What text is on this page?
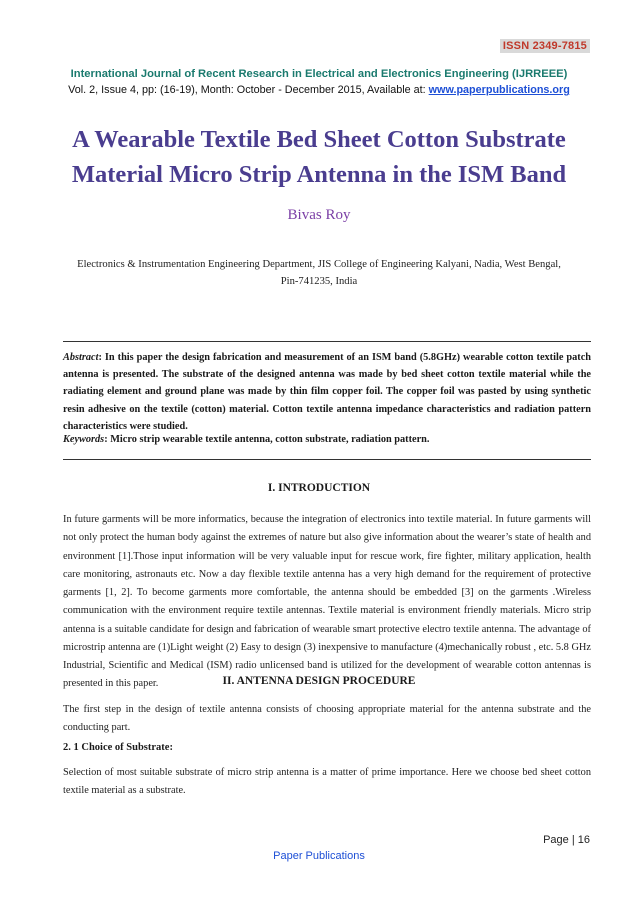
ISSN 2349-7815
International Journal of Recent Research in Electrical and Electronics Engineering (IJRREEE)
Vol. 2, Issue 4, pp: (16-19), Month: October - December 2015, Available at: www.paperpublications.org
A Wearable Textile Bed Sheet Cotton Substrate Material Micro Strip Antenna in the ISM Band
Bivas Roy
Electronics & Instrumentation Engineering Department, JIS College of Engineering Kalyani, Nadia, West Bengal,
Pin-741235, India
Abstract: In this paper the design fabrication and measurement of an ISM band (5.8GHz) wearable cotton textile patch antenna is presented. The substrate of the designed antenna was made by bed sheet cotton textile material while the radiating element and ground plane was made by thin film copper foil. The copper foil was pasted by using synthetic resin adhesive on the textile (cotton) material. Cotton textile antenna impedance characteristics and radiation pattern characteristics were studied.
Keywords: Micro strip wearable textile antenna, cotton substrate, radiation pattern.
I. INTRODUCTION
In future garments will be more informatics, because the integration of electronics into textile material. In future garments will not only protect the human body against the extremes of nature but also give information about the wearer’s state of health and environment [1].Those input information will be very valuable input for rescue work, fire fighter, military application, health care monitoring, astronauts etc. Now a day flexible textile antenna has a very high demand for the requirement of protective garments [1, 2]. To become garments more comfortable, the antenna should be embedded [3] on the garments .Wireless communication with the environment require textile antennas. Textile material is environment friendly materials. Micro strip antenna is a suitable candidate for design and fabrication of wearable smart protective electro textile antenna. The advantage of microstrip antenna are (1)Light weight (2) Easy to design (3) inexpensive to manufacture (4)mechanically robust , etc. 5.8 GHz Industrial, Scientific and Medical (ISM) radio unlicensed band is utilized for the development of wearable cotton antennas is presented in this paper.	II. ANTENNA DESIGN PROCEDURE
The first step in the design of textile antenna consists of choosing appropriate material for the antenna substrate and the conducting part.
2. 1 Choice of Substrate:
Selection of most suitable substrate of micro strip antenna is a matter of prime importance. Here we choose bed sheet cotton textile material as a substrate.
Page | 16
Paper Publications
